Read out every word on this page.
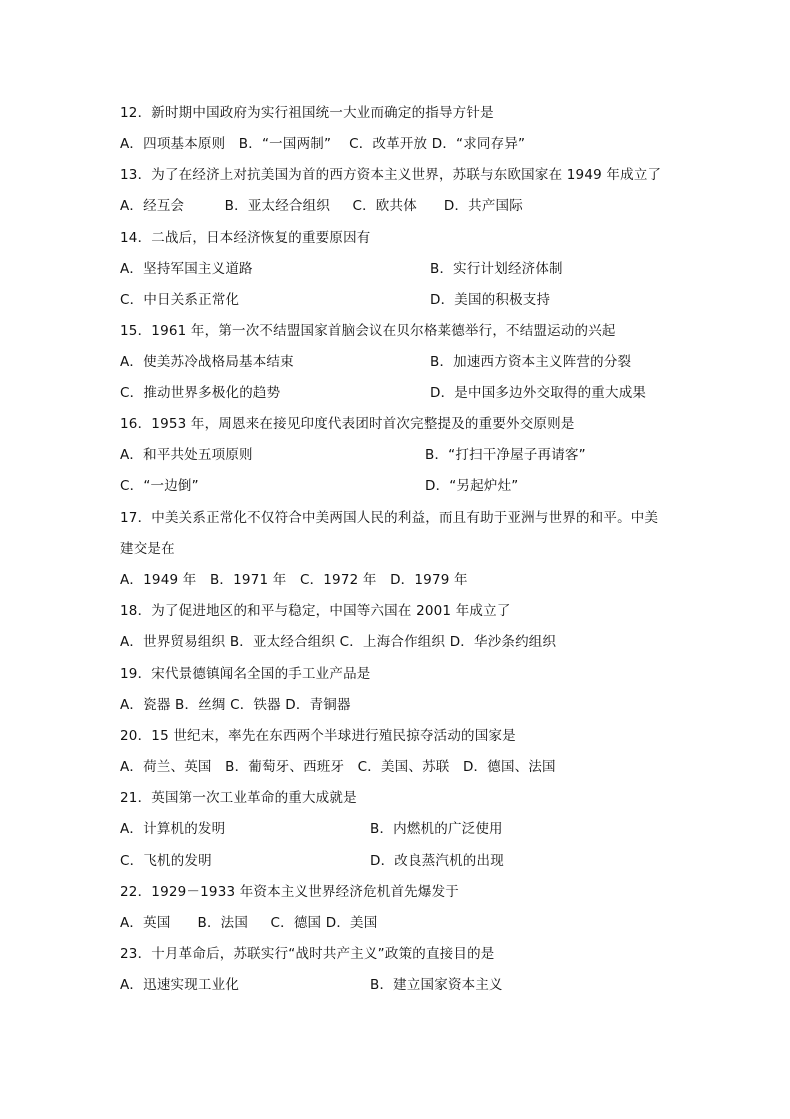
12．新时期中国政府为实行祖国统一大业而确定的指导方针是
A．四项基本原则   B．“一国两制”    C．改革开放 D．“求同存异”
13．为了在经济上对抗美国为首的西方资本主义世界，苏联与东欧国家在 1949 年成立了
A．经互会         B．亚太经合组织     C．欧共体      D．共产国际
14．二战后，日本经济恢复的重要原因有
A．坚持军国主义道路	B．实行计划经济体制
C．中日关系正常化	D．美国的积极支持
15．1961 年，第一次不结盟国家首脑会议在贝尔格莱德举行，不结盟运动的兴起
A．使美苏冷战格局基本结束	B．加速西方资本主义阵营的分裂
C．推动世界多极化的趋势	D．是中国多边外交取得的重大成果
16．1953 年，周恩来在接见印度代表团时首次完整提及的重要外交原则是
A．和平共处五项原则	B．“打扫干净屋子再请客”
C．“一边倒”	D．“另起炉灶”
17．中美关系正常化不仅符合中美两国人民的利益，而且有助于亚洲与世界的和平。中美
建交是在
A．1949 年   B．1971 年   C．1972 年   D．1979 年
18．为了促进地区的和平与稳定，中国等六国在 2001 年成立了
A．世界贸易组织 B．亚太经合组织 C．上海合作组织 D．华沙条约组织
19．宋代景德镇闻名全国的手工业产品是
A．瓷器 B．丝绸 C．铁器 D．青铜器
20．15 世纪末，率先在东西两个半球进行殖民掠夺活动的国家是
A．荷兰、英国   B．葡萄牙、西班牙   C．美国、苏联   D．德国、法国
21．英国第一次工业革命的重大成就是
A．计算机的发明	B．内燃机的广泛使用
C．飞机的发明	D．改良蒸汽机的出现
22．1929－1933 年资本主义世界经济危机首先爆发于
A．英国      B．法国     C．德国 D．美国
23．十月革命后，苏联实行“战时共产主义”政策的直接目的是
A．迅速实现工业化	B．建立国家资本主义
